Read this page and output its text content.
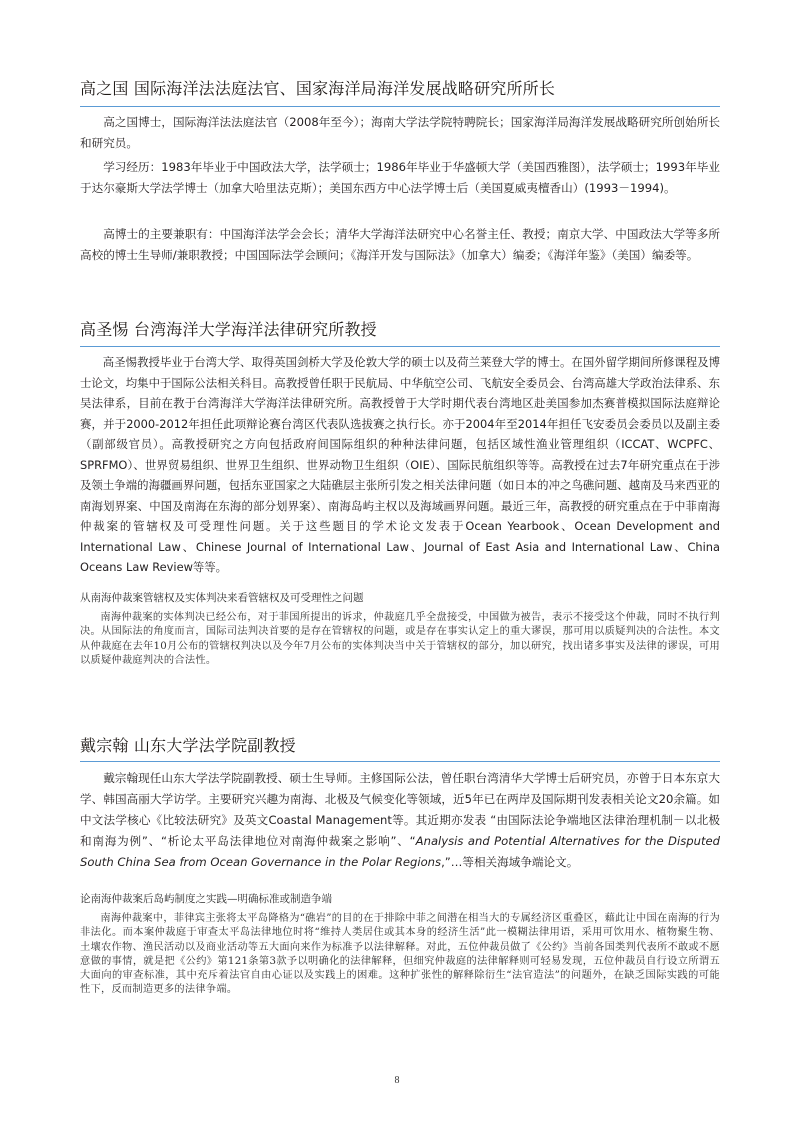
高之国 国际海洋法法庭法官、国家海洋局海洋发展战略研究所所长

高之国博士，国际海洋法法庭法官（2008年至今）；海南大学法学院特聘院长；国家海洋局海洋发展战略研究所创始所长和研究员。

学习经历：1983年毕业于中国政法大学，法学硕士；1986年毕业于华盛顿大学（美国西雅图），法学硕士；1993年毕业于达尔豪斯大学法学博士（加拿大哈里法克斯）；美国东西方中心法学博士后（美国夏威夷檀香山）(1993－1994)。

高博士的主要兼职有：中国海洋法学会会长；清华大学海洋法研究中心名誉主任、教授；南京大学、中国政法大学等多所高校的博士生导师/兼职教授；中国国际法学会顾问；《海洋开发与国际法》（加拿大）编委；《海洋年鉴》（美国）编委等。

高圣惕 台湾海洋大学海洋法律研究所教授

高圣惕教授毕业于台湾大学、取得英国剑桥大学及伦敦大学的硕士以及荷兰莱登大学的博士。在国外留学期间所修课程及博士论文，均集中于国际公法相关科目。高教授曾任职于民航局、中华航空公司、飞航安全委员会、台湾高雄大学政治法律系、东吴法律系，目前在教于台湾海洋大学海洋法律研究所。高教授曾于大学时期代表台湾地区赴美国参加杰赛普模拟国际法庭辩论赛，并于2000-2012年担任此项辩论赛台湾区代表队选拔赛之执行长。亦于2004年至2014年担任飞安委员会委员以及副主委（副部级官员）。高教授研究之方向包括政府间国际组织的种种法律问题，包括区域性渔业管理组织（ICCAT、WCPFC、SPRFMO）、世界贸易组织、世界卫生组织、世界动物卫生组织（OIE）、国际民航组织等等。高教授在过去7年研究重点在于涉及领土争端的海疆画界问题，包括东亚国家之大陆礁层主张所引发之相关法律问题（如日本的冲之鸟礁问题、越南及马来西亚的南海划界案、中国及南海在东海的部分划界案）、南海岛屿主权以及海域画界问题。最近三年，高教授的研究重点在于中菲南海仲裁案的管辖权及可受理性问题。关于这些题目的学术论文发表于Ocean Yearbook、Ocean Development and International Law、Chinese Journal of International Law、Journal of East Asia and International Law、China Oceans Law Review等等。

从南海仲裁案管辖权及实体判决来看管辖权及可受理性之问题

南海仲裁案的实体判决已经公布，对于菲国所提出的诉求，仲裁庭几乎全盘接受，中国做为被告，表示不接受这个仲裁，同时不执行判决。从国际法的角度而言，国际司法判决首要的是存在管辖权的问题，或是存在事实认定上的重大谬误，那可用以质疑判决的合法性。本文从仲裁庭在去年10月公布的管辖权判决以及今年7月公布的实体判决当中关于管辖权的部分，加以研究，找出诸多事实及法律的谬误，可用以质疑仲裁庭判决的合法性。

戴宗翰 山东大学法学院副教授

戴宗翰现任山东大学法学院副教授、硕士生导师。主修国际公法，曾任职台湾清华大学博士后研究员，亦曾于日本东京大学、韩国高丽大学访学。主要研究兴趣为南海、北极及气候变化等领域，近5年已在两岸及国际期刊发表相关论文20余篇。如中文法学核心《比较法研究》及英文Coastal Management等。其近期亦发表 “由国际法论争端地区法律治理机制－以北极和南海为例”、“析论太平岛法律地位对南海仲裁案之影响”、“Analysis and Potential Alternatives for the Disputed South China Sea from Ocean Governance in the Polar Regions,”…等相关海域争端论文。

论南海仲裁案后岛屿制度之实践—明确标准或制造争端

南海仲裁案中，菲律宾主张将太平岛降格为“礁岩”的目的在于排除中菲之间潜在相当大的专属经济区重叠区，藉此让中国在南海的行为非法化。而本案仲裁庭于审查太平岛法律地位时将“维持人类居住或其本身的经济生活”此一模糊法律用语，采用可饮用水、植物聚生物、土壤农作物、渔民活动以及商业活动等五大面向来作为标准予以法律解释。对此，五位仲裁员做了《公约》当前各国类判代表所不敢或不愿意做的事情，就是把《公约》第121条第3款予以明确化的法律解释，但细究仲裁庭的法律解释则可轻易发现，五位仲裁员自行设立所谓五大面向的审查标准，其中充斥着法官自由心证以及实践上的困难。这种扩张性的解释除衍生“法官造法”的问题外，在缺乏国际实践的可能性下，反而制造更多的法律争端。

8
